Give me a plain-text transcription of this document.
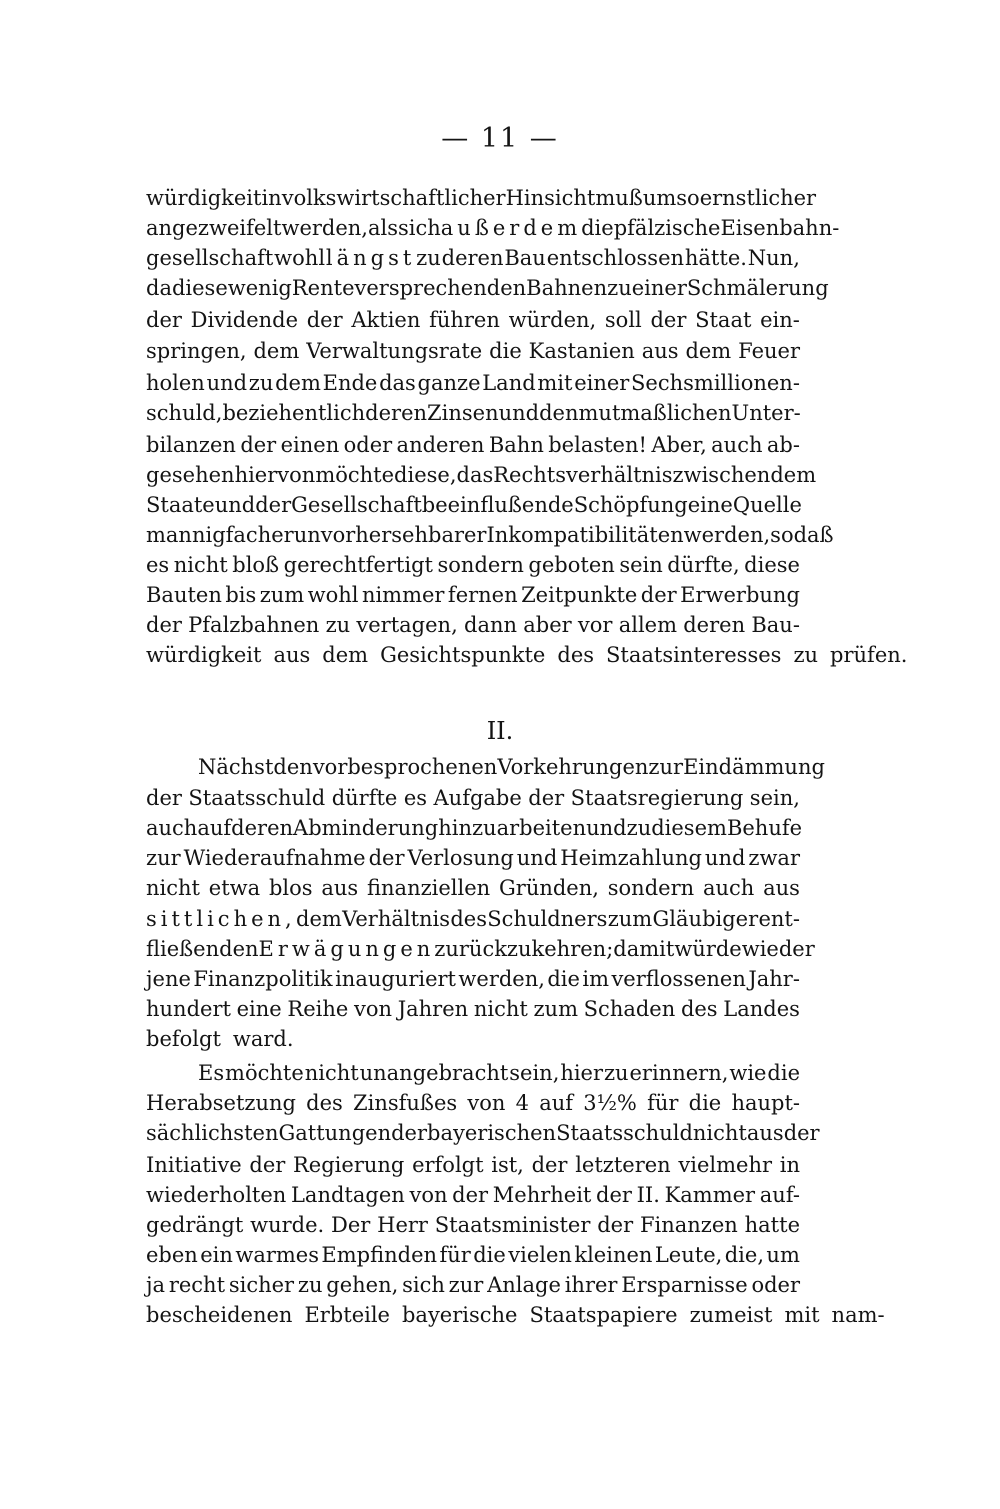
— 11 —
würdigkeit in volkswirtschaftlicher Hinsicht muß umso ernstlicher
angezweifelt werden, als sich außerdem die pfälzische Eisenbahn-
gesellschaft wohl längst zu deren Bau entschlossen hätte. Nun,
da diese wenig Rente versprechenden Bahnen zu einer Schmälerung
der Dividende der Aktien führen würden, soll der Staat ein-
springen, dem Verwaltungsrate die Kastanien aus dem Feuer
holen und zu dem Ende das ganze Land mit einer Sechsmillionen-
schuld, beziehentlich deren Zinsen und den mutmaßlichen Unter-
bilanzen der einen oder anderen Bahn belasten! Aber, auch ab-
gesehen hiervon möchte diese, das Rechtsverhältnis zwischen dem
Staate und der Gesellschaft beeinflußende Schöpfung eine Quelle
mannigfacher unvorhersehbarer Inkompatibilitäten werden, so daß
es nicht bloß gerechtfertigt sondern geboten sein dürfte, diese
Bauten bis zum wohl nimmer fernen Zeitpunkte der Erwerbung
der Pfalzbahnen zu vertagen, dann aber vor allem deren Bau-
würdigkeit aus dem Gesichtspunkte des Staatsinteresses zu prüfen.
Nächst den vorbesprochenen Vorkehrungen zur Eindämmung
der Staatsschuld dürfte es Aufgabe der Staatsregierung sein,
auch auf deren Abminderung hinzuarbeiten und zu diesem Behufe
zur Wiederaufnahme der Verlosung und Heimzahlung und zwar
nicht etwa blos aus finanziellen Gründen, sondern auch aus
sittlichen, dem Verhältnis des Schuldners zum Gläubiger ent-
fließenden Erwägungen zurückzukehren; damit würde wieder
jene Finanzpolitik inauguriert werden, die im verflossenen Jahr-
hundert eine Reihe von Jahren nicht zum Schaden des Landes
befolgt ward.
Es möchte nicht unangebracht sein, hier zu erinnern, wie die
Herabsetzung des Zinsfußes von 4 auf 3½% für die haupt-
sächlichsten Gattungen der bayerischen Staatsschuld nicht aus der
Initiative der Regierung erfolgt ist, der letzteren vielmehr in
wiederholten Landtagen von der Mehrheit der II. Kammer auf-
gedrängt wurde. Der Herr Staatsminister der Finanzen hatte
eben ein warmes Empfinden für die vielen kleinen Leute, die, um
ja recht sicher zu gehen, sich zur Anlage ihrer Ersparnisse oder
bescheidenen Erbteile bayerische Staatspapiere zumeist mit nam-
II.
